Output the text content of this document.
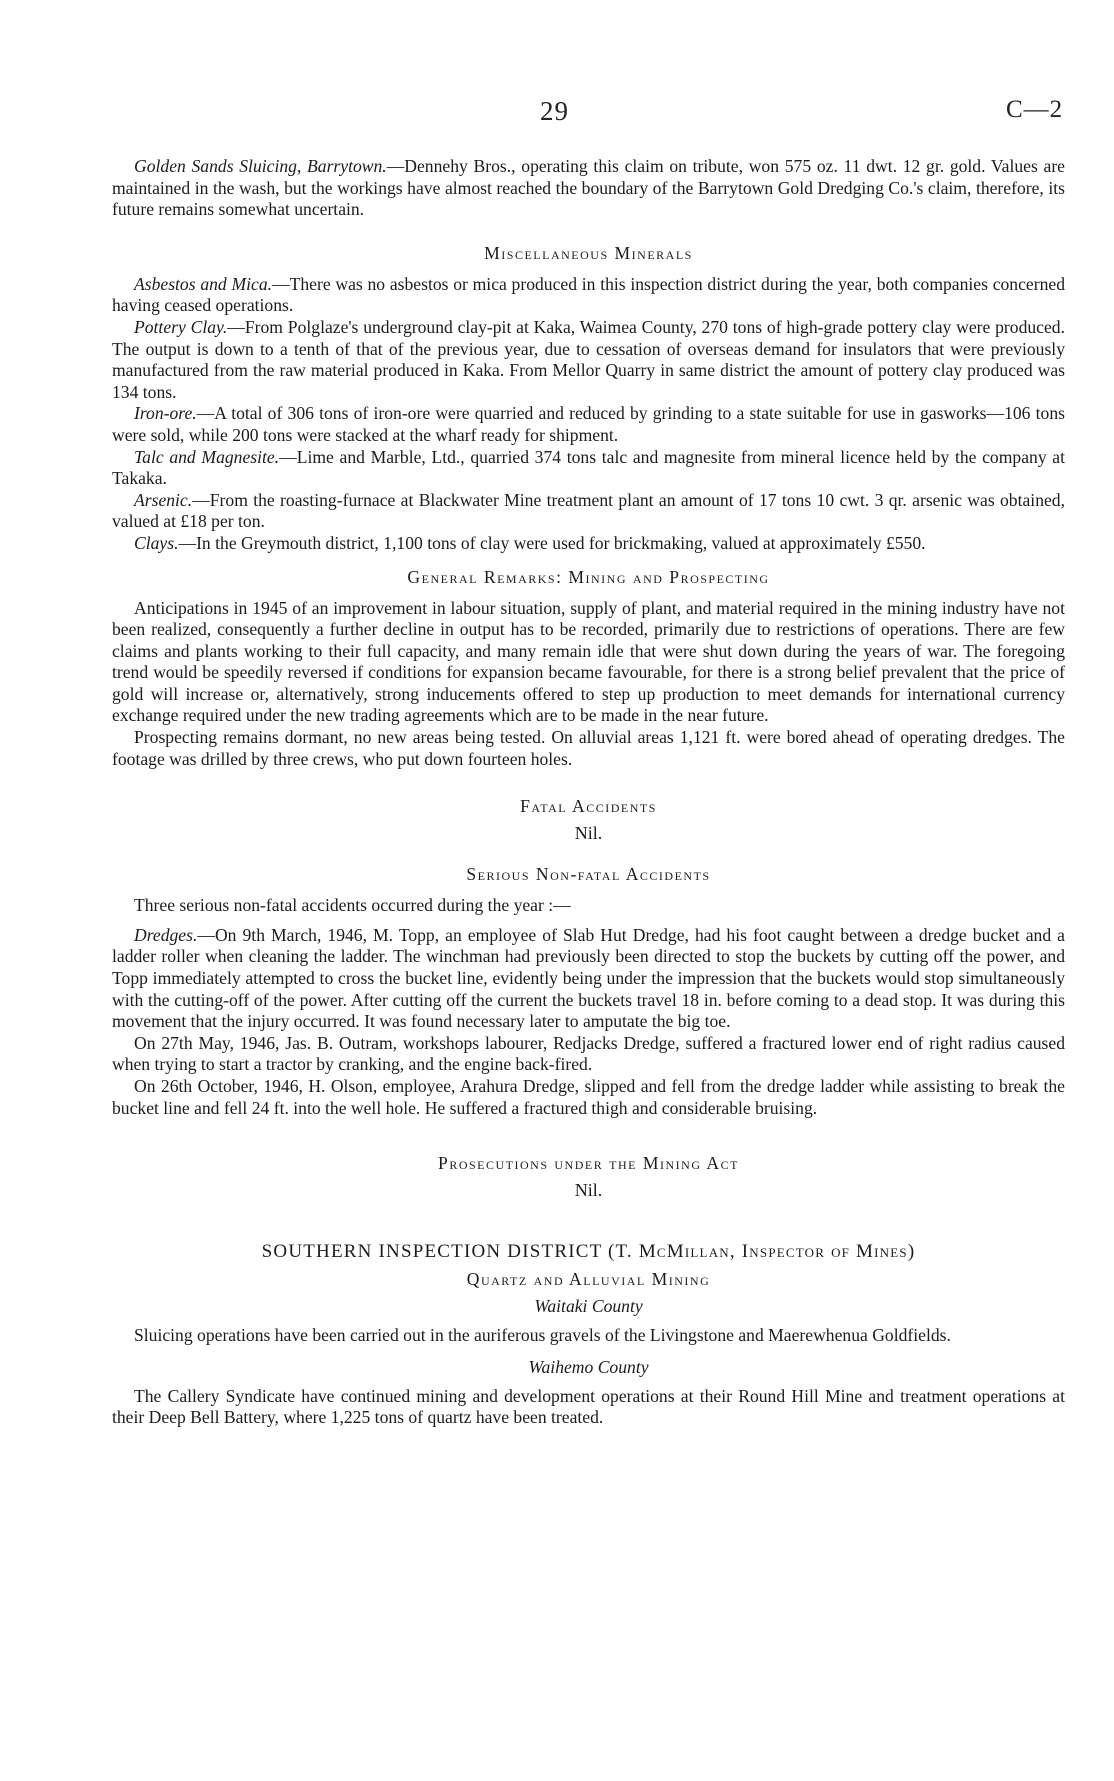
29	C—2

Golden Sands Sluicing, Barrytown.—Dennehy Bros., operating this claim on tribute, won 575 oz. 11 dwt. 12 gr. gold. Values are maintained in the wash, but the workings have almost reached the boundary of the Barrytown Gold Dredging Co.'s claim, therefore, its future remains somewhat uncertain.

Miscellaneous Minerals

Asbestos and Mica.—There was no asbestos or mica produced in this inspection district during the year, both companies concerned having ceased operations.

Pottery Clay.—From Polglaze's underground clay-pit at Kaka, Waimea County, 270 tons of high-grade pottery clay were produced. The output is down to a tenth of that of the previous year, due to cessation of overseas demand for insulators that were previously manufactured from the raw material produced in Kaka. From Mellor Quarry in same district the amount of pottery clay produced was 134 tons.

Iron-ore.—A total of 306 tons of iron-ore were quarried and reduced by grinding to a state suitable for use in gasworks—106 tons were sold, while 200 tons were stacked at the wharf ready for shipment.

Talc and Magnesite.—Lime and Marble, Ltd., quarried 374 tons talc and magnesite from mineral licence held by the company at Takaka.

Arsenic.—From the roasting-furnace at Blackwater Mine treatment plant an amount of 17 tons 10 cwt. 3 qr. arsenic was obtained, valued at £18 per ton.

Clays.—In the Greymouth district, 1,100 tons of clay were used for brickmaking, valued at approximately £550.

General Remarks: Mining and Prospecting

Anticipations in 1945 of an improvement in labour situation, supply of plant, and material required in the mining industry have not been realized, consequently a further decline in output has to be recorded, primarily due to restrictions of operations. There are few claims and plants working to their full capacity, and many remain idle that were shut down during the years of war. The foregoing trend would be speedily reversed if conditions for expansion became favourable, for there is a strong belief prevalent that the price of gold will increase or, alternatively, strong inducements offered to step up production to meet demands for international currency exchange required under the new trading agreements which are to be made in the near future.

Prospecting remains dormant, no new areas being tested. On alluvial areas 1,121 ft. were bored ahead of operating dredges. The footage was drilled by three crews, who put down fourteen holes.

Fatal Accidents
Nil.
Serious Non-fatal Accidents

Three serious non-fatal accidents occurred during the year :—

Dredges.—On 9th March, 1946, M. Topp, an employee of Slab Hut Dredge, had his foot caught between a dredge bucket and a ladder roller when cleaning the ladder. The winchman had previously been directed to stop the buckets by cutting off the power, and Topp immediately attempted to cross the bucket line, evidently being under the impression that the buckets would stop simultaneously with the cutting-off of the power. After cutting off the current the buckets travel 18 in. before coming to a dead stop. It was during this movement that the injury occurred. It was found necessary later to amputate the big toe.

On 27th May, 1946, Jas. B. Outram, workshops labourer, Redjacks Dredge, suffered a fractured lower end of right radius caused when trying to start a tractor by cranking, and the engine back-fired.

On 26th October, 1946, H. Olson, employee, Arahura Dredge, slipped and fell from the dredge ladder while assisting to break the bucket line and fell 24 ft. into the well hole. He suffered a fractured thigh and considerable bruising.

Prosecutions under the Mining Act
Nil.
SOUTHERN INSPECTION DISTRICT (T. McMillan, Inspector of Mines)
Quartz and Alluvial Mining
Waitaki County

Sluicing operations have been carried out in the auriferous gravels of the Livingstone and Maerewhenua Goldfields.

Waihemo County

The Callery Syndicate have continued mining and development operations at their Round Hill Mine and treatment operations at their Deep Bell Battery, where 1,225 tons of quartz have been treated.
